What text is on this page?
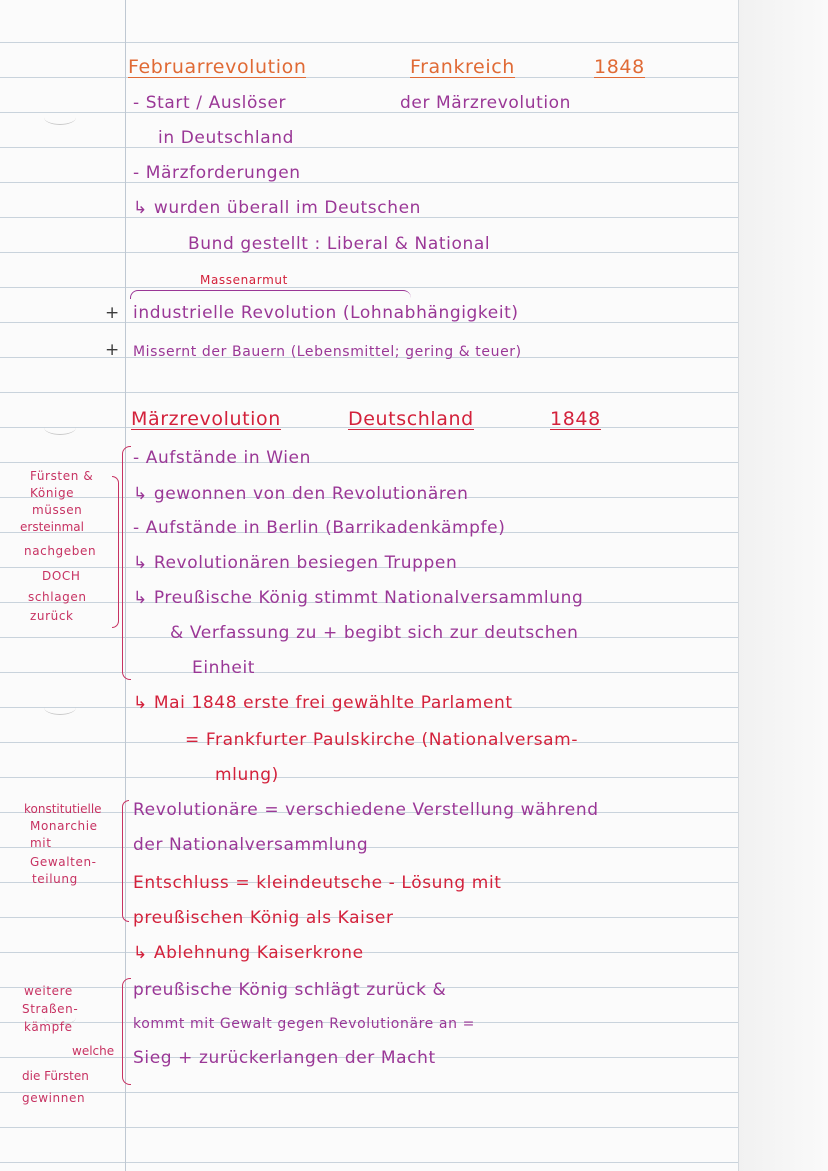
Februarrevolution	Frankreich	1848
- Start / Auslöser	der Märzrevolution
in Deutschland
- Märzforderungen
↳ wurden überall im Deutschen
Bund gestellt : Liberal & National
Massenarmut
+ industrielle Revolution (Lohnabhängigkeit)
+ Missernt der Bauern (Lebensmittel; gering & teuer)
Märzrevolution	Deutschland	1848
- Aufstände in Wien
↳ gewonnen von den Revolutionären
- Aufstände in Berlin (Barrikadenkämpfe)
↳ Revolutionären besiegen Truppen
↳ Preußische König stimmt Nationalversammlung
& Verfassung zu + begibt sich zur deutschen
Einheit
↳ Mai 1848 erste frei gewählte Parlament
= Frankfurter Paulskirche (Nationalversam-
mlung)
Revolutionäre = verschiedene Verstellung während
der Nationalversammlung
Entschluss = kleindeutsche - Lösung mit
preußischen König als Kaiser
↳ Ablehnung Kaiserkrone
preußische König schlägt zurück &
kommt mit Gewalt gegen Revolutionäre an =
Sieg + zurückerlangen der Macht
Fürsten &
Könige
müssen
ersteinmal
nachgeben
DOCH
schlagen
zurück
konstitutielle
Monarchie
mit
Gewalten-
teilung
weitere
Straßen-
kämpfe
welche
die Fürsten
gewinnen
